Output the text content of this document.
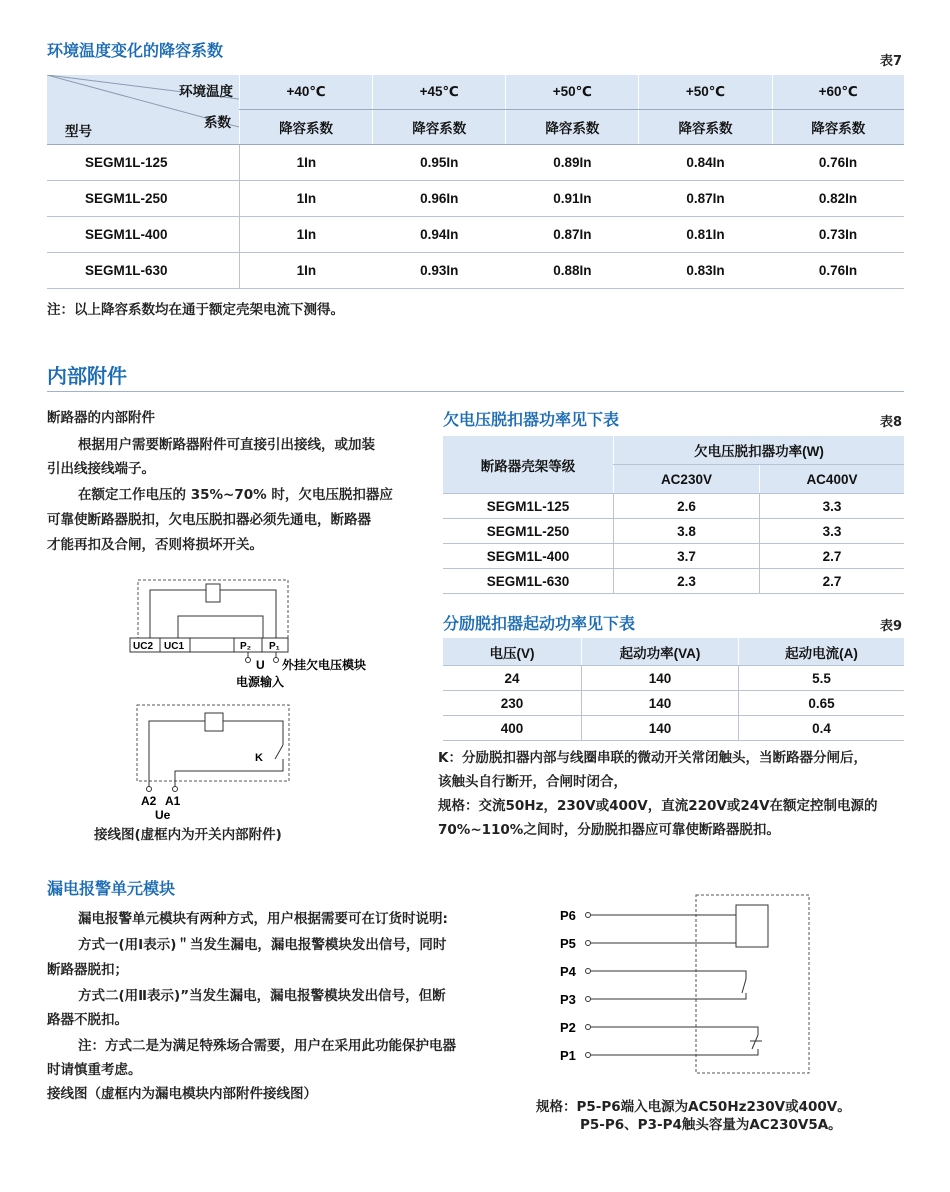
环境温度变化的降容系数
表7
环境温度
系数
型号	+40℃	+45℃	+50℃	+50℃	+60℃
	降容系数	降容系数	降容系数	降容系数	降容系数
SEGM1L-125	1In	0.95In	0.89In	0.84In	0.76In
SEGM1L-250	1In	0.96In	0.91In	0.87In	0.82In
SEGM1L-400	1In	0.94In	0.87In	0.81In	0.73In
SEGM1L-630	1In	0.93In	0.88In	0.83In	0.76In
注：以上降容系数均在通于额定壳架电流下测得。
内部附件
断路器的内部附件
根据用户需要断路器附件可直接引出接线，或加装
引出线接线端子。
在额定工作电压的 35%~70% 时，欠电压脱扣器应
可靠使断路器脱扣，欠电压脱扣器必须先通电，断路器
才能再扣及合闸，否则将损坏开关。
UC2 UC1	P₂ P₁
U 外挂欠电压模块
电源输入
K
A2 A1
Ue
接线图(虚框内为开关内部附件)
欠电压脱扣器功率见下表	表8
断路器壳架等级	欠电压脱扣器功率(W)	
	AC230V	AC400V
SEGM1L-125	2.6	3.3
SEGM1L-250	3.8	3.3
SEGM1L-400	3.7	2.7
SEGM1L-630	2.3	2.7
分励脱扣器起动功率见下表	表9
电压(V)	起动功率(VA)	起动电流(A)
24	140	5.5
230	140	0.65
400	140	0.4
K：分励脱扣器内部与线圈串联的微动开关常闭触头，当断路器分闸后，
该触头自行断开，合闸时闭合，
规格：交流50Hz，230V或400V，直流220V或24V在额定控制电源的
70%~110%之间时，分励脱扣器应可靠使断路器脱扣。
漏电报警单元模块
漏电报警单元模块有两种方式，用户根据需要可在订货时说明:
方式一(用Ⅰ表示)＂当发生漏电，漏电报警模块发出信号，同时
断路器脱扣；
方式二(用Ⅱ表示)”当发生漏电，漏电报警模块发出信号，但断
路器不脱扣。
注：方式二是为满足特殊场合需要，用户在采用此功能保护电器
时请慎重考虑。
接线图（虚框内为漏电模块内部附件接线图）
P6
P5
P4
P3
P2
P1
规格：P5-P6端入电源为AC50Hz230V或400V。
P5-P6、P3-P4触头容量为AC230V5A。
